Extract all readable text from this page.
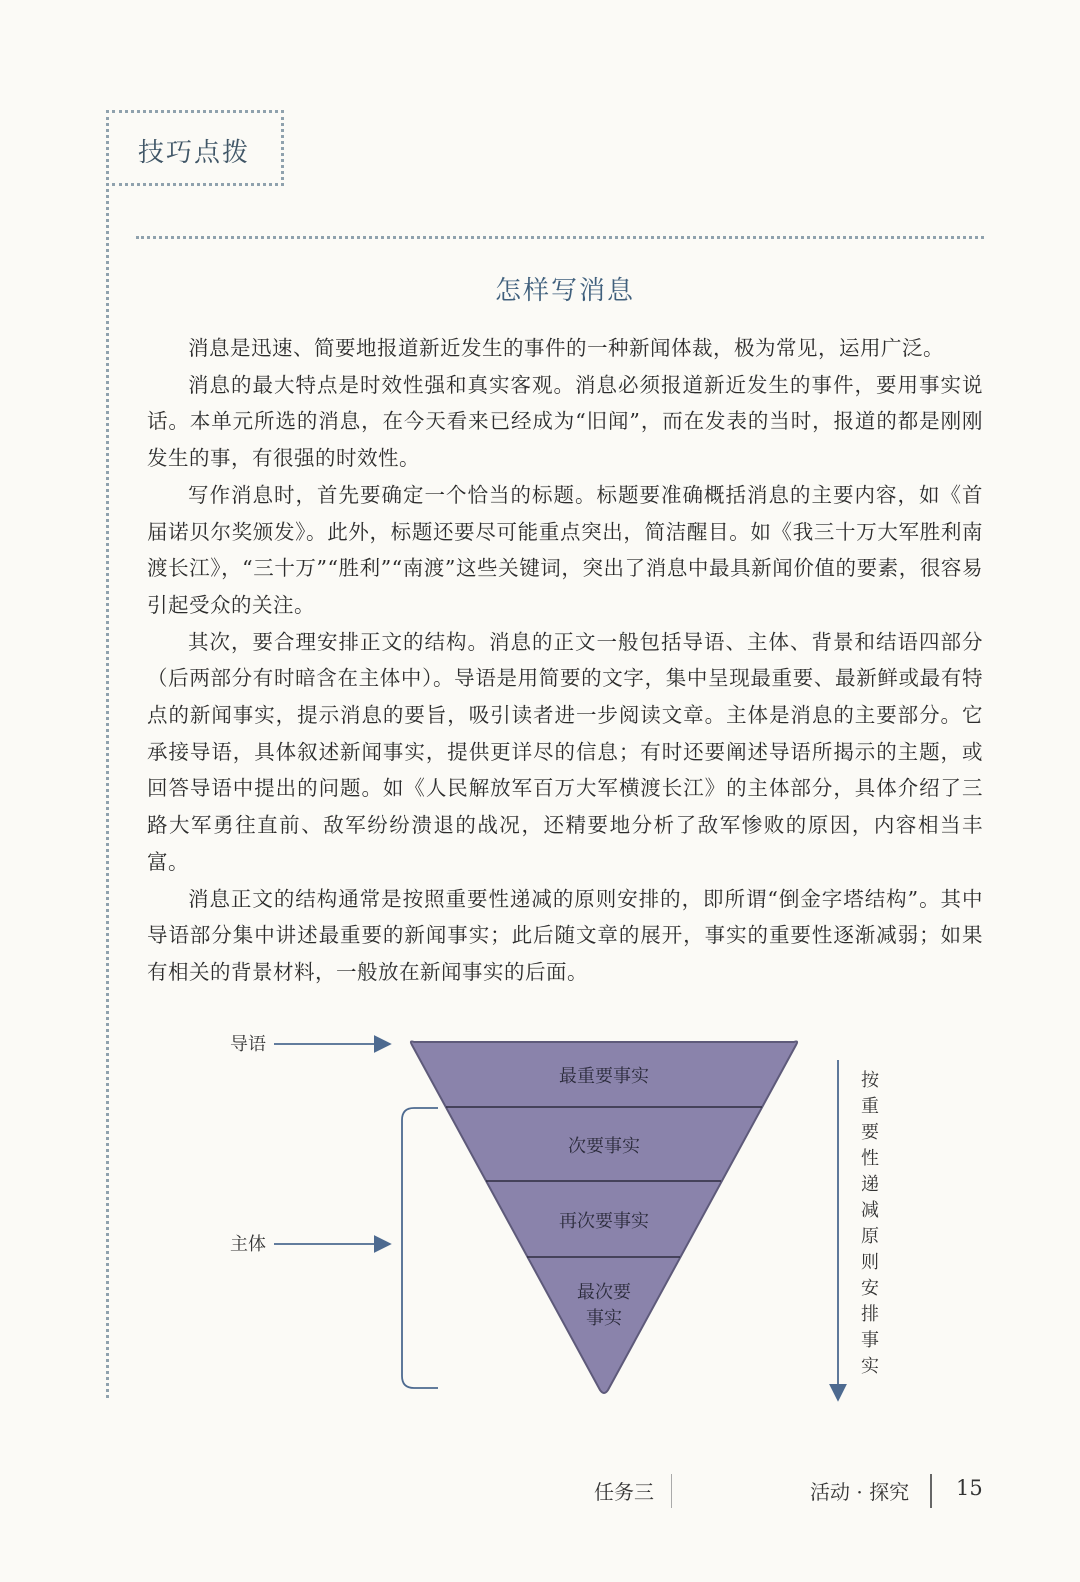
技巧点拨
怎样写消息

消息是迅速、简要地报道新近发生的事件的一种新闻体裁，极为常见，运用广泛。

消息的最大特点是时效性强和真实客观。消息必须报道新近发生的事件，要用事实说话。本单元所选的消息，在今天看来已经成为“旧闻”，而在发表的当时，报道的都是刚刚发生的事，有很强的时效性。

写作消息时，首先要确定一个恰当的标题。标题要准确概括消息的主要内容，如《首届诺贝尔奖颁发》。此外，标题还要尽可能重点突出，简洁醒目。如《我三十万大军胜利南渡长江》，“三十万”“胜利”“南渡”这些关键词，突出了消息中最具新闻价值的要素，很容易引起受众的关注。

其次，要合理安排正文的结构。消息的正文一般包括导语、主体、背景和结语四部分（后两部分有时暗含在主体中）。导语是用简要的文字，集中呈现最重要、最新鲜或最有特点的新闻事实，提示消息的要旨，吸引读者进一步阅读文章。主体是消息的主要部分。它承接导语，具体叙述新闻事实，提供更详尽的信息；有时还要阐述导语所揭示的主题，或回答导语中提出的问题。如《人民解放军百万大军横渡长江》的主体部分，具体介绍了三路大军勇往直前、敌军纷纷溃退的战况，还精要地分析了敌军惨败的原因，内容相当丰富。

消息正文的结构通常是按照重要性递减的原则安排的，即所谓“倒金字塔结构”。其中导语部分集中讲述最重要的新闻事实；此后随文章的展开，事实的重要性逐渐减弱；如果有相关的背景材料，一般放在新闻事实的后面。

最重要事实
次要事实
再次要事实
最次要
事实
导语
主体
按
重
要
性
递
减
原
则
安
排
事
实
任务三	活动 · 探究 15
